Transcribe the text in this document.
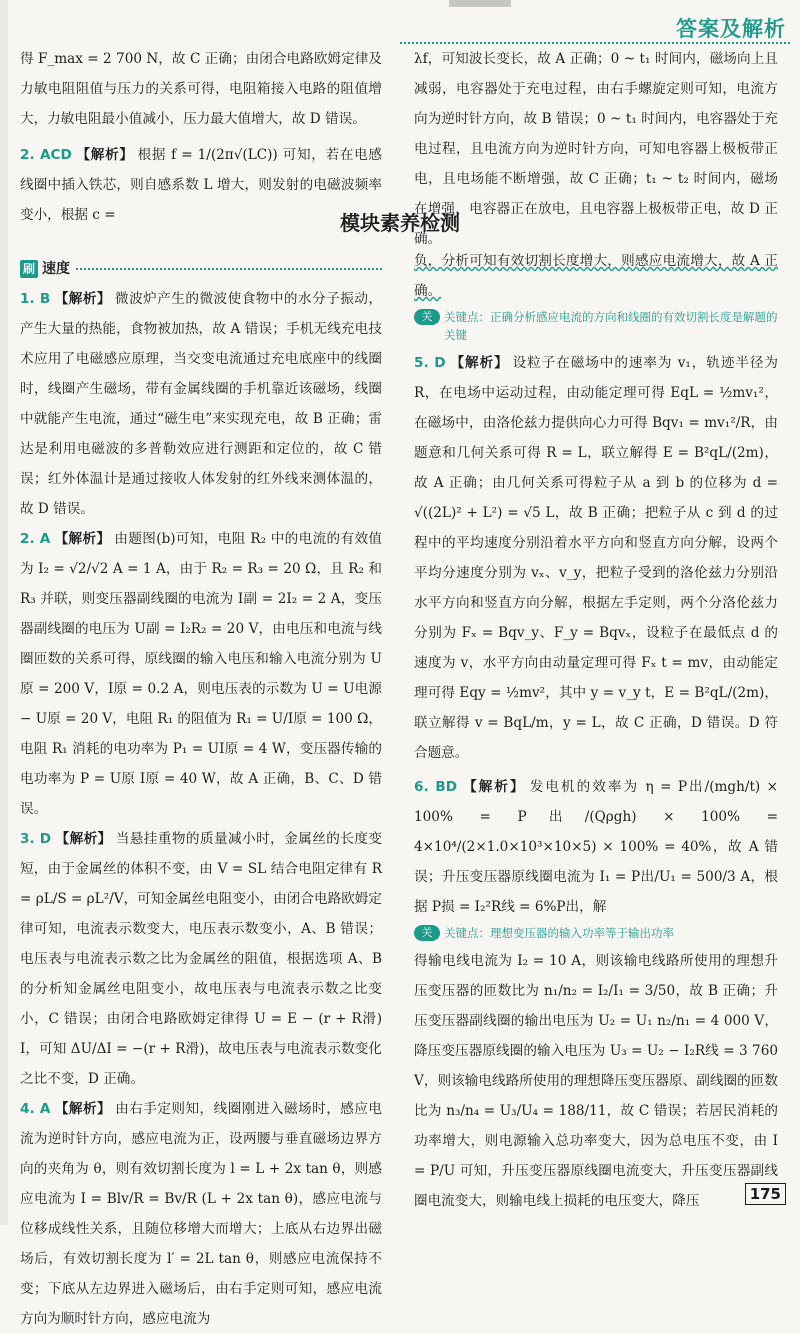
答案及解析

得 F_max = 2 700 N，故 C 正确；由闭合电路欧姆定律及力敏电阻阻值与压力的关系可得，电阻箱接入电路的阻值增大，力敏电阻最小值减小，压力最大值增大，故 D 错误。

2. ACD 【解析】 根据 f = 1/(2π√(LC)) 可知，若在电感线圈中插入铁芯，则自感系数 L 增大，则发射的电磁波频率变小，根据 c =

λf，可知波长变长，故 A 正确；0 ~ t₁ 时间内，磁场向上且减弱，电容器处于充电过程，由右手螺旋定则可知，电流方向为逆时针方向，故 B 错误；0 ~ t₁ 时间内，电容器处于充电过程，且电流方向为逆时针方向，可知电容器上极板带正电，且电场能不断增强，故 C 正确；t₁ ~ t₂ 时间内，磁场在增强，电容器正在放电，且电容器上极板带正电，故 D 正确。

模块素养检测
刷 速度

1. B 【解析】 微波炉产生的微波使食物中的水分子振动，产生大量的热能，食物被加热，故 A 错误；手机无线充电技术应用了电磁感应原理，当交变电流通过充电底座中的线圈时，线圈产生磁场，带有金属线圈的手机靠近该磁场，线圈中就能产生电流，通过“磁生电”来实现充电，故 B 正确；雷达是利用电磁波的多普勒效应进行测距和定位的，故 C 错误；红外体温计是通过接收人体发射的红外线来测体温的，故 D 错误。

2. A 【解析】 由题图(b)可知，电阻 R₂ 中的电流的有效值为 I₂ = √2/√2 A = 1 A，由于 R₂ = R₃ = 20 Ω，且 R₂ 和 R₃ 并联，则变压器副线圈的电流为 I副 = 2I₂ = 2 A，变压器副线圈的电压为 U副 = I₂R₂ = 20 V，由电压和电流与线圈匝数的关系可得，原线圈的输入电压和输入电流分别为 U原 = 200 V，I原 = 0.2 A，则电压表的示数为 U = U电源 − U原 = 20 V，电阻 R₁ 的阻值为 R₁ = U/I原 = 100 Ω，电阻 R₁ 消耗的电功率为 P₁ = UI原 = 4 W，变压器传输的电功率为 P = U原 I原 = 40 W，故 A 正确，B、C、D 错误。

3. D 【解析】 当悬挂重物的质量减小时，金属丝的长度变短，由于金属丝的体积不变，由 V = SL 结合电阻定律有 R = ρL/S = ρL²/V，可知金属丝电阻变小，由闭合电路欧姆定律可知，电流表示数变大，电压表示数变小，A、B 错误；电压表与电流表示数之比为金属丝的阻值，根据选项 A、B 的分析知金属丝电阻变小，故电压表与电流表示数之比变小，C 错误；由闭合电路欧姆定律得 U = E − (r + R滑) I，可知 ΔU/ΔI = −(r + R滑)，故电压表与电流表示数变化之比不变，D 正确。

4. A 【解析】 由右手定则知，线圈刚进入磁场时，感应电流为逆时针方向，感应电流为正，设两腰与垂直磁场边界方向的夹角为 θ，则有效切割长度为 l = L + 2x tan θ，则感应电流为 I = Blv/R = Bv/R (L + 2x tan θ)，感应电流与位移成线性关系，且随位移增大而增大；上底从右边界出磁场后，有效切割长度为 l′ = 2L tan θ，则感应电流保持不变；下底从左边界进入磁场后，由右手定则可知，感应电流方向为顺时针方向，感应电流为

负，分析可知有效切割长度增大，则感应电流增大，故 A 正确。

关	关键点：正确分析感应电流的方向和线圈的有效切割长度是解题的关键

5. D 【解析】 设粒子在磁场中的速率为 v₁，轨迹半径为 R，在电场中运动过程，由动能定理可得 EqL = ½mv₁²，在磁场中，由洛伦兹力提供向心力可得 Bqv₁ = mv₁²/R，由题意和几何关系可得 R = L，联立解得 E = B²qL/(2m)，故 A 正确；由几何关系可得粒子从 a 到 b 的位移为 d = √((2L)² + L²) = √5 L，故 B 正确；把粒子从 c 到 d 的过程中的平均速度分别沿着水平方向和竖直方向分解，设两个平均分速度分别为 vₓ、v_y，把粒子受到的洛伦兹力分别沿水平方向和竖直方向分解，根据左手定则，两个分洛伦兹力分别为 Fₓ = Bqv_y、F_y = Bqvₓ，设粒子在最低点 d 的速度为 v，水平方向由动量定理可得 Fₓ t = mv，由动能定理可得 Eqy = ½mv²，其中 y = v_y t，E = B²qL/(2m)，联立解得 v = BqL/m，y = L，故 C 正确，D 错误。D 符合题意。

6. BD 【解析】 发电机的效率为 η = P出/(mgh/t) × 100% = P出/(Qρgh) × 100% = 4×10⁴/(2×1.0×10³×10×5) × 100% = 40%，故 A 错误；升压变压器原线圈电流为 I₁ = P出/U₁ = 500/3 A，根据 P损 = I₂²R线 = 6%P出，解

关	关键点：理想变压器的输入功率等于输出功率

得输电线电流为 I₂ = 10 A，则该输电线路所使用的理想升压变压器的匝数比为 n₁/n₂ = I₂/I₁ = 3/50，故 B 正确；升压变压器副线圈的输出电压为 U₂ = U₁ n₂/n₁ = 4 000 V，降压变压器原线圈的输入电压为 U₃ = U₂ − I₂R线 = 3 760 V，则该输电线路所使用的理想降压变压器原、副线圈的匝数比为 n₃/n₄ = U₃/U₄ = 188/11，故 C 错误；若居民消耗的功率增大，则电源输入总功率变大，因为总电压不变，由 I = P/U 可知，升压变压器原线圈电流变大，升压变压器副线圈电流变大，则输电线上损耗的电压变大，降压	175
